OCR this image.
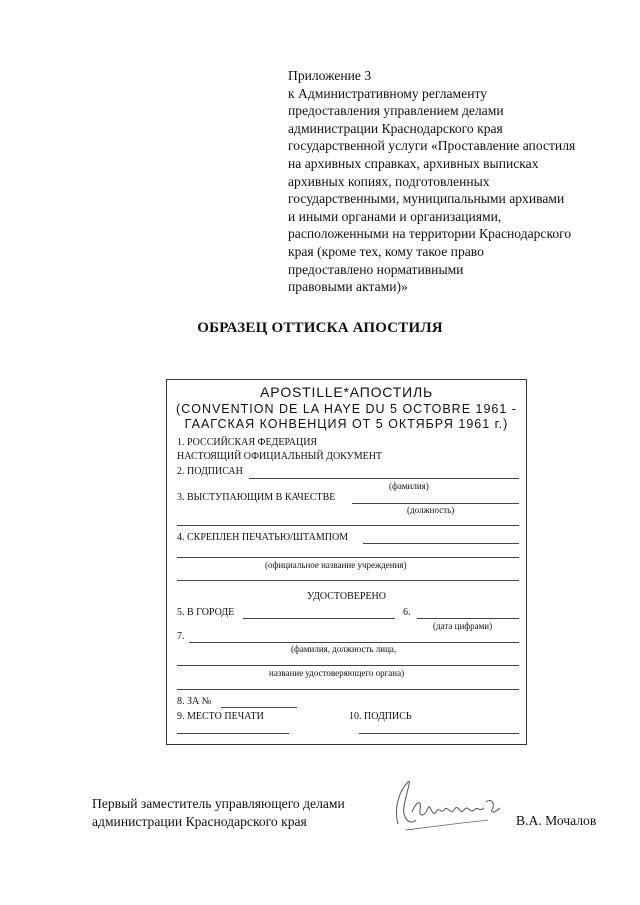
Приложение 3
к Административному регламенту
предоставления управлением делами
администрации Краснодарского края
государственной услуги «Проставление апостиля
на архивных справках, архивных выписках
архивных копиях, подготовленных
государственными, муниципальными архивами
и иными органами и организациями,
расположенными на территории Краснодарского
края (кроме тех, кому такое право
предоставлено нормативными
правовыми актами)»
ОБРАЗЕЦ ОТТИСКА АПОСТИЛЯ
APOSTILLE*АПОСТИЛЬ
(CONVENTION DE LA HAYE DU 5 OCTOBRE 1961 -
ГААГСКАЯ КОНВЕНЦИЯ ОТ 5 ОКТЯБРЯ 1961 г.)
1. РОССИЙСКАЯ ФЕДЕРАЦИЯ
НАСТОЯЩИЙ ОФИЦИАЛЬНЫЙ ДОКУМЕНТ
2. ПОДПИСАН
(фамилия)
3. ВЫСТУПАЮЩИМ В КАЧЕСТВЕ
(должность)
4. СКРЕПЛЕН ПЕЧАТЬЮ/ШТАМПОМ
(официальное название учреждения)
УДОСТОВЕРЕНО
5. В ГОРОДЕ	6.
(дата цифрами)
7.
(фамилия, должность лица,
название удостоверяющего органа)
8. ЗА №
9. МЕСТО ПЕЧАТИ	10. ПОДПИСЬ
Первый заместитель управляющего делами
администрации Краснодарского края	В.А. Мочалов
